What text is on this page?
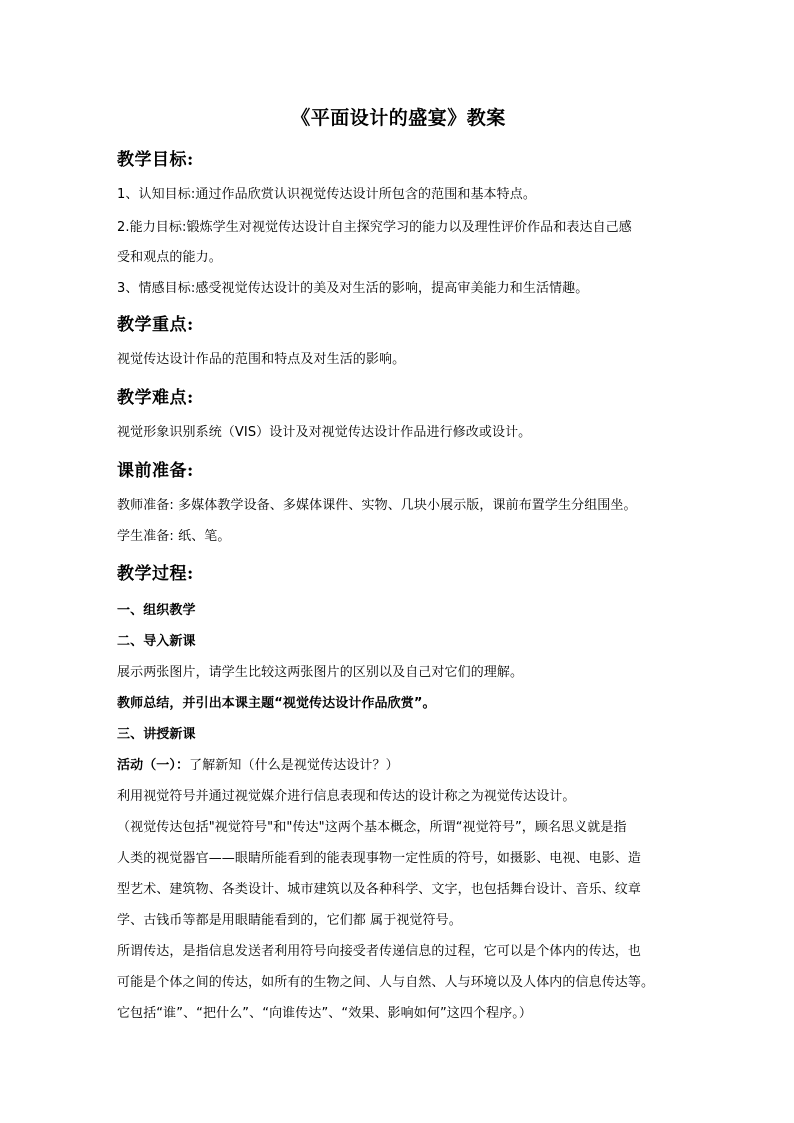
《平面设计的盛宴》教案
教学目标:
1、认知目标:通过作品欣赏认识视觉传达设计所包含的范围和基本特点。
2.能力目标:锻炼学生对视觉传达设计自主探究学习的能力以及理性评价作品和表达自己感
受和观点的能力。
3、情感目标:感受视觉传达设计的美及对生活的影响，提高审美能力和生活情趣。
教学重点:
视觉传达设计作品的范围和特点及对生活的影响。
教学难点:
视觉形象识别系统（VIS）设计及对视觉传达设计作品进行修改或设计。
课前准备:
教师准备: 多媒体教学设备、多媒体课件、实物、几块小展示版，课前布置学生分组围坐。
学生准备: 纸、笔。
教学过程:
一、组织教学
二、导入新课
展示两张图片，请学生比较这两张图片的区别以及自己对它们的理解。
教师总结，并引出本课主题“视觉传达设计作品欣赏”。
三、讲授新课
活动（一）：了解新知（什么是视觉传达设计？）
利用视觉符号并通过视觉媒介进行信息表现和传达的设计称之为视觉传达设计。
（视觉传达包括"视觉符号"和"传达"这两个基本概念，所谓“视觉符号”，顾名思义就是指
人类的视觉器官——眼睛所能看到的能表现事物一定性质的符号，如摄影、电视、电影、造
型艺术、建筑物、各类设计、城市建筑以及各种科学、文字，也包括舞台设计、音乐、纹章
学、古钱币等都是用眼睛能看到的，它们都 属于视觉符号。
所谓传达，是指信息发送者利用符号向接受者传递信息的过程，它可以是个体内的传达，也
可能是个体之间的传达，如所有的生物之间、人与自然、人与环境以及人体内的信息传达等。
它包括“谁”、“把什么”、“向谁传达”、“效果、影响如何”这四个程序。）
